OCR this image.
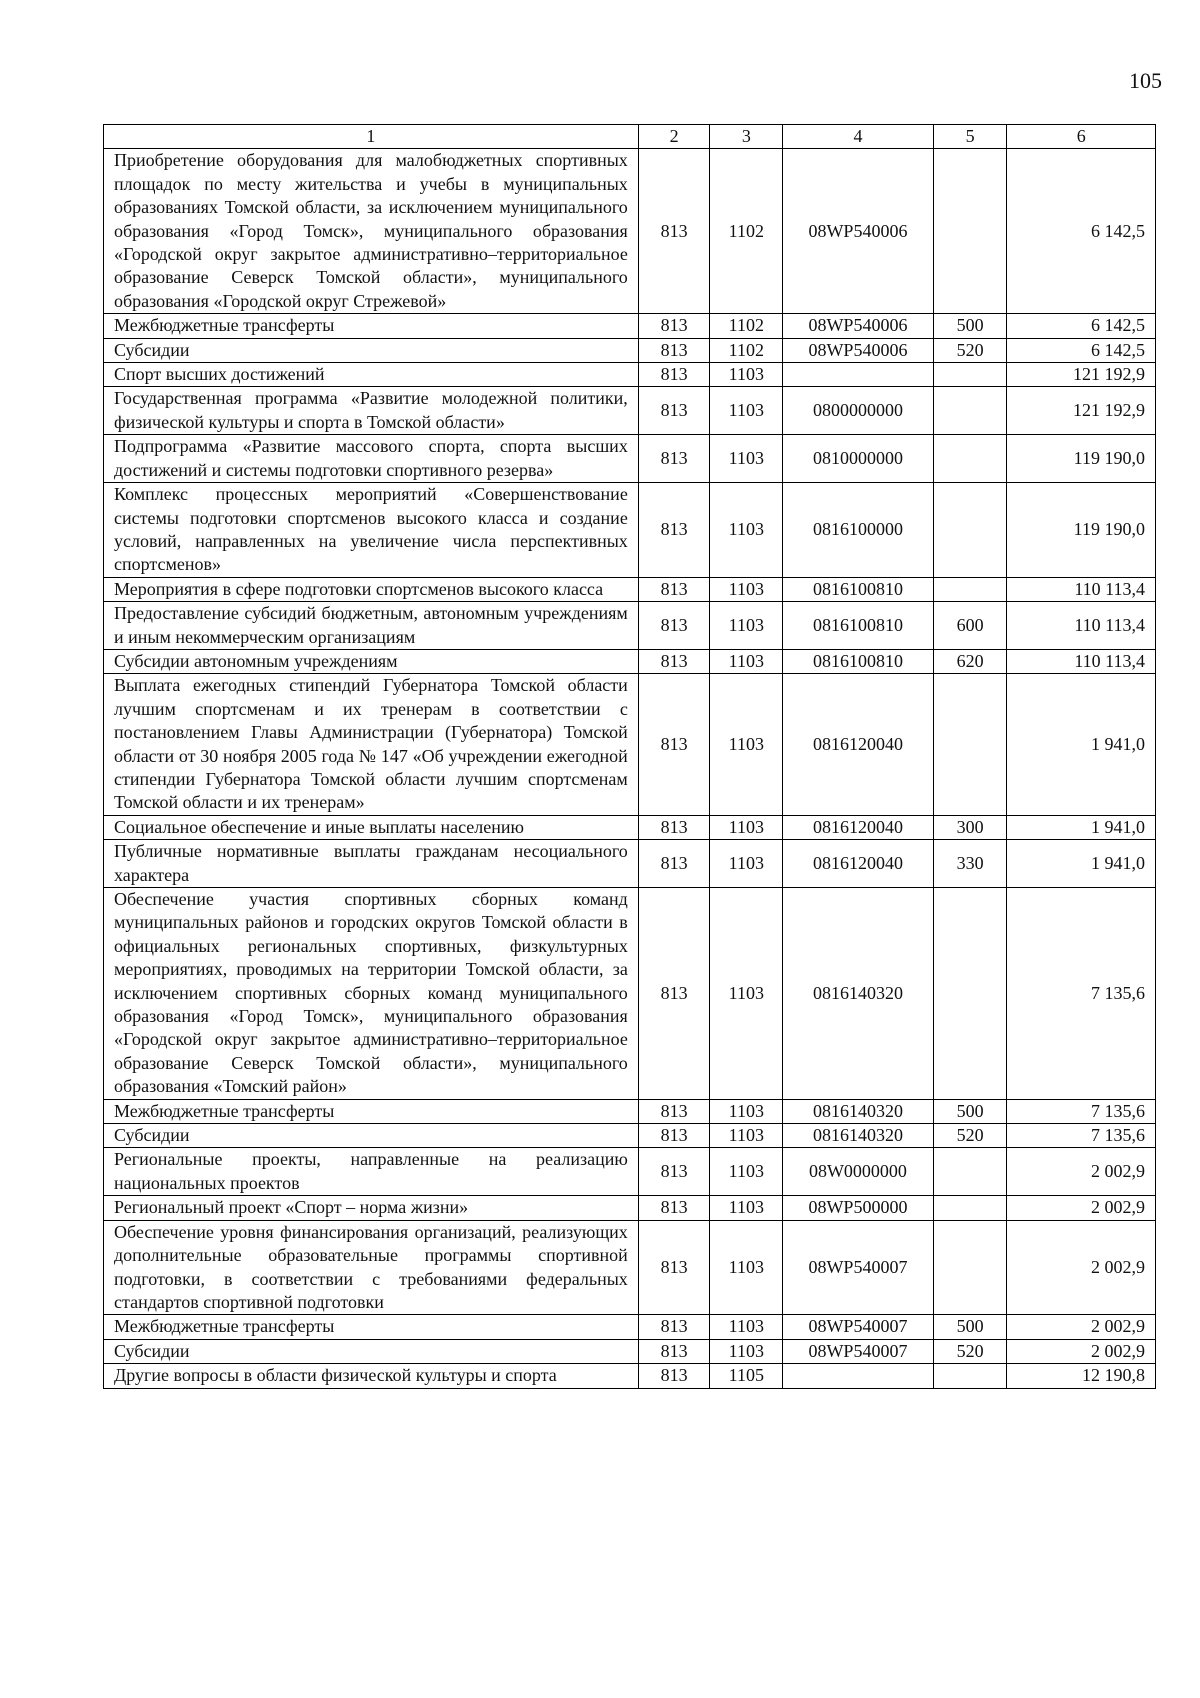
105
1	2	3	4	5	6
Приобретение оборудования для малобюджетных спортивных площадок по месту жительства и учебы в муниципальных образованиях Томской области, за исключением муниципального образования «Город Томск», муниципального образования «Городской округ закрытое административно–территориальное образование Северск Томской области», муниципального образования «Городской округ Стрежевой»	813	1102	08WP540006		6 142,5
Межбюджетные трансферты	813	1102	08WP540006	500	6 142,5
Субсидии	813	1102	08WP540006	520	6 142,5
Спорт высших достижений	813	1103			121 192,9
Государственная программа «Развитие молодежной политики, физической культуры и спорта в Томской области»	813	1103	0800000000		121 192,9
Подпрограмма «Развитие массового спорта, спорта высших достижений и системы подготовки спортивного резерва»	813	1103	0810000000		119 190,0
Комплекс процессных мероприятий «Совершенствование системы подготовки спортсменов высокого класса и создание условий, направленных на увеличение числа перспективных спортсменов»	813	1103	0816100000		119 190,0
Мероприятия в сфере подготовки спортсменов высокого класса	813	1103	0816100810		110 113,4
Предоставление субсидий бюджетным, автономным учреждениям и иным некоммерческим организациям	813	1103	0816100810	600	110 113,4
Субсидии автономным учреждениям	813	1103	0816100810	620	110 113,4
Выплата ежегодных стипендий Губернатора Томской области лучшим спортсменам и их тренерам в соответствии с постановлением Главы Администрации (Губернатора) Томской области от 30 ноября 2005 года № 147 «Об учреждении ежегодной стипендии Губернатора Томской области лучшим спортсменам Томской области и их тренерам»	813	1103	0816120040		1 941,0
Социальное обеспечение и иные выплаты населению	813	1103	0816120040	300	1 941,0
Публичные нормативные выплаты гражданам несоциального характера	813	1103	0816120040	330	1 941,0
Обеспечение участия спортивных сборных команд муниципальных районов и городских округов Томской области в официальных региональных спортивных, физкультурных мероприятиях, проводимых на территории Томской области, за исключением спортивных сборных команд муниципального образования «Город Томск», муниципального образования «Городской округ закрытое административно–территориальное образование Северск Томской области», муниципального образования «Томский район»	813	1103	0816140320		7 135,6
Межбюджетные трансферты	813	1103	0816140320	500	7 135,6
Субсидии	813	1103	0816140320	520	7 135,6
Региональные проекты, направленные на реализацию национальных проектов	813	1103	08W0000000		2 002,9
Региональный проект «Спорт – норма жизни»	813	1103	08WP500000		2 002,9
Обеспечение уровня финансирования организаций, реализующих дополнительные образовательные программы спортивной подготовки, в соответствии с требованиями федеральных стандартов спортивной подготовки	813	1103	08WP540007		2 002,9
Межбюджетные трансферты	813	1103	08WP540007	500	2 002,9
Субсидии	813	1103	08WP540007	520	2 002,9
Другие вопросы в области физической культуры и спорта	813	1105			12 190,8
